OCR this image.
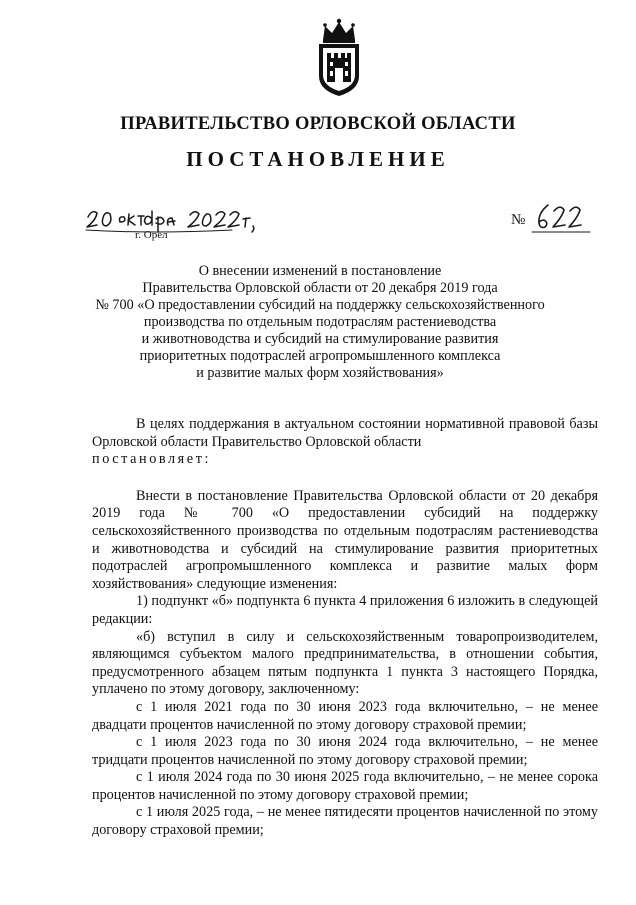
ПРАВИТЕЛЬСТВО ОРЛОВСКОЙ ОБЛАСТИ
ПОСТАНОВЛЕНИЕ
г. Орел
№
О внесении изменений в постановление
Правительства Орловской области от 20 декабря 2019 года
№ 700 «О предоставлении субсидий на поддержку сельскохозяйственного
производства по отдельным подотраслям растениеводства
и животноводства и субсидий на стимулирование развития
приоритетных подотраслей агропромышленного комплекса
и развитие малых форм хозяйствования»

В целях поддержания в актуальном состоянии нормативной правовой базы Орловской области Правительство Орловской области
постановляет:

Внести в постановление Правительства Орловской области от 20 декабря 2019 года № 700 «О предоставлении субсидий на поддержку сельскохозяйственного производства по отдельным подотраслям растениеводства и животноводства и субсидий на стимулирование развития приоритетных подотраслей агропромышленного комплекса и развитие малых форм хозяйствования» следующие изменения:

1) подпункт «б» подпункта 6 пункта 4 приложения 6 изложить в следующей редакции:

«б) вступил в силу и сельскохозяйственным товаропроизводителем, являющимся субъектом малого предпринимательства, в отношении события, предусмотренного абзацем пятым подпункта 1 пункта 3 настоящего Порядка, уплачено по этому договору, заключенному:

с 1 июля 2021 года по 30 июня 2023 года включительно, – не менее двадцати процентов начисленной по этому договору страховой премии;

с 1 июля 2023 года по 30 июня 2024 года включительно, – не менее тридцати процентов начисленной по этому договору страховой премии;

с 1 июля 2024 года по 30 июня 2025 года включительно, – не менее сорока процентов начисленной по этому договору страховой премии;

с 1 июля 2025 года, – не менее пятидесяти процентов начисленной по этому договору страховой премии;
